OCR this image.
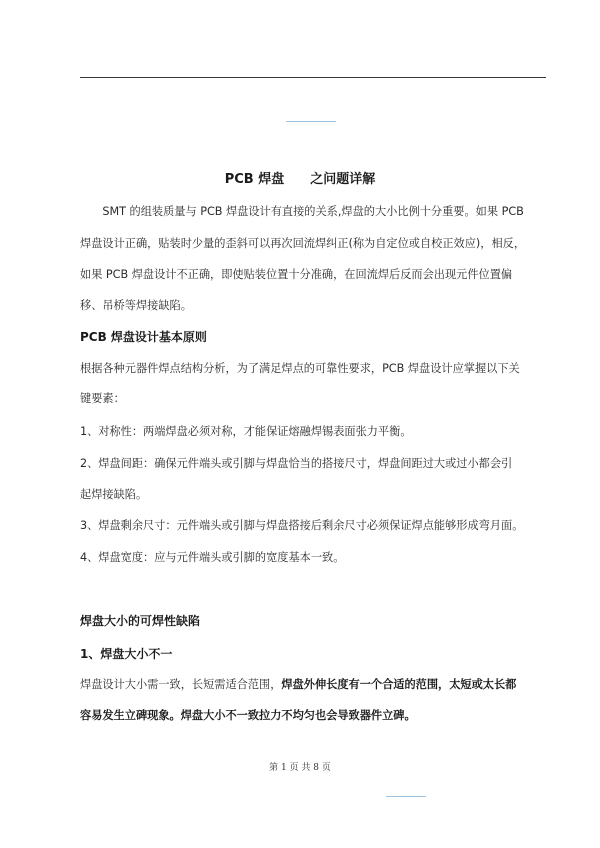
PCB 焊盘　　之问题详解
　　SMT 的组装质量与 PCB 焊盘设计有直接的关系,焊盘的大小比例十分重要。如果 PCB
焊盘设计正确，贴装时少量的歪斜可以再次回流焊纠正(称为自定位或自校正效应)，相反，
如果 PCB 焊盘设计不正确，即使贴装位置十分准确，在回流焊后反而会出现元件位置偏
移、吊桥等焊接缺陷。
PCB 焊盘设计基本原则
根据各种元器件焊点结构分析，为了满足焊点的可靠性要求，PCB 焊盘设计应掌握以下关
键要素：
1、对称性：两端焊盘必须对称，才能保证熔融焊锡表面张力平衡。
2、焊盘间距：确保元件端头或引脚与焊盘恰当的搭接尺寸，焊盘间距过大或过小都会引
起焊接缺陷。
3、焊盘剩余尺寸：元件端头或引脚与焊盘搭接后剩余尺寸必须保证焊点能够形成弯月面。
4、焊盘宽度：应与元件端头或引脚的宽度基本一致。
焊盘大小的可焊性缺陷
1、焊盘大小不一
焊盘设计大小需一致，长短需适合范围，焊盘外伸长度有一个合适的范围，太短或太长都
容易发生立碑现象。焊盘大小不一致拉力不均匀也会导致器件立碑。
第 1 页 共 8 页
